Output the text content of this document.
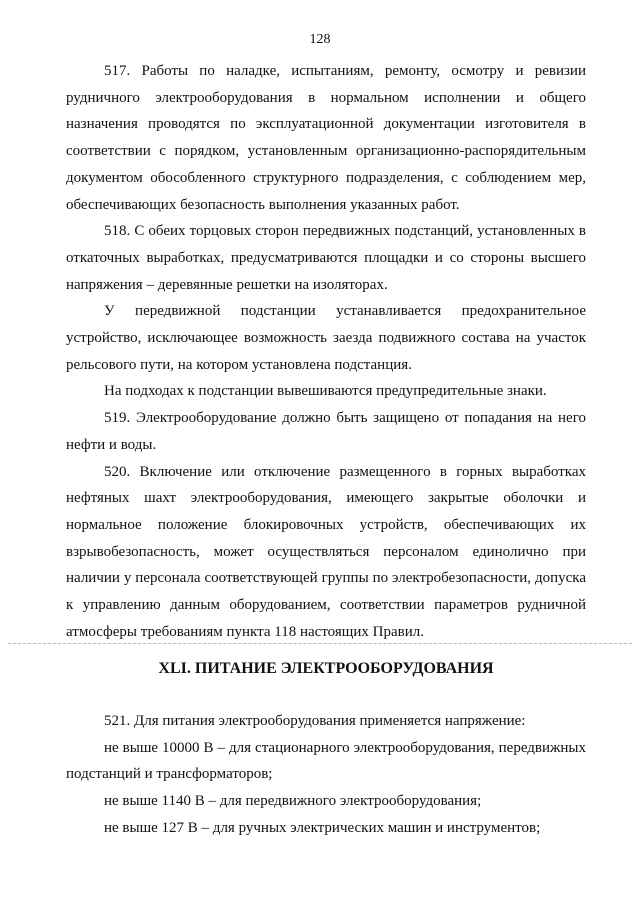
128

517. Работы по наладке, испытаниям, ремонту, осмотру и ревизии рудничного электрооборудования в нормальном исполнении и общего назначения проводятся по эксплуатационной документации изготовителя в соответствии с порядком, установленным организационно-распорядительным документом обособленного структурного подразделения, с соблюдением мер, обеспечивающих безопасность выполнения указанных работ.

518. С обеих торцовых сторон передвижных подстанций, установленных в откаточных выработках, предусматриваются площадки и со стороны высшего напряжения – деревянные решетки на изоляторах.

У передвижной подстанции устанавливается предохранительное устройство, исключающее возможность заезда подвижного состава на участок рельсового пути, на котором установлена подстанция.

На подходах к подстанции вывешиваются предупредительные знаки.

519. Электрооборудование должно быть защищено от попадания на него нефти и воды.

520. Включение или отключение размещенного в горных выработках нефтяных шахт электрооборудования, имеющего закрытые оболочки и нормальное положение блокировочных устройств, обеспечивающих их взрывобезопасность, может осуществляться персоналом единолично при наличии у персонала соответствующей группы по электробезопасности, допуска к управлению данным оборудованием, соответствии параметров рудничной атмосферы требованиям пункта 118 настоящих Правил.

XLI. ПИТАНИЕ ЭЛЕКТРООБОРУДОВАНИЯ

521. Для питания электрооборудования применяется напряжение:

не выше 10000 В – для стационарного электрооборудования, передвижных подстанций и трансформаторов;

не выше 1140 В – для передвижного электрооборудования;

не выше 127 В – для ручных электрических машин и инструментов;
